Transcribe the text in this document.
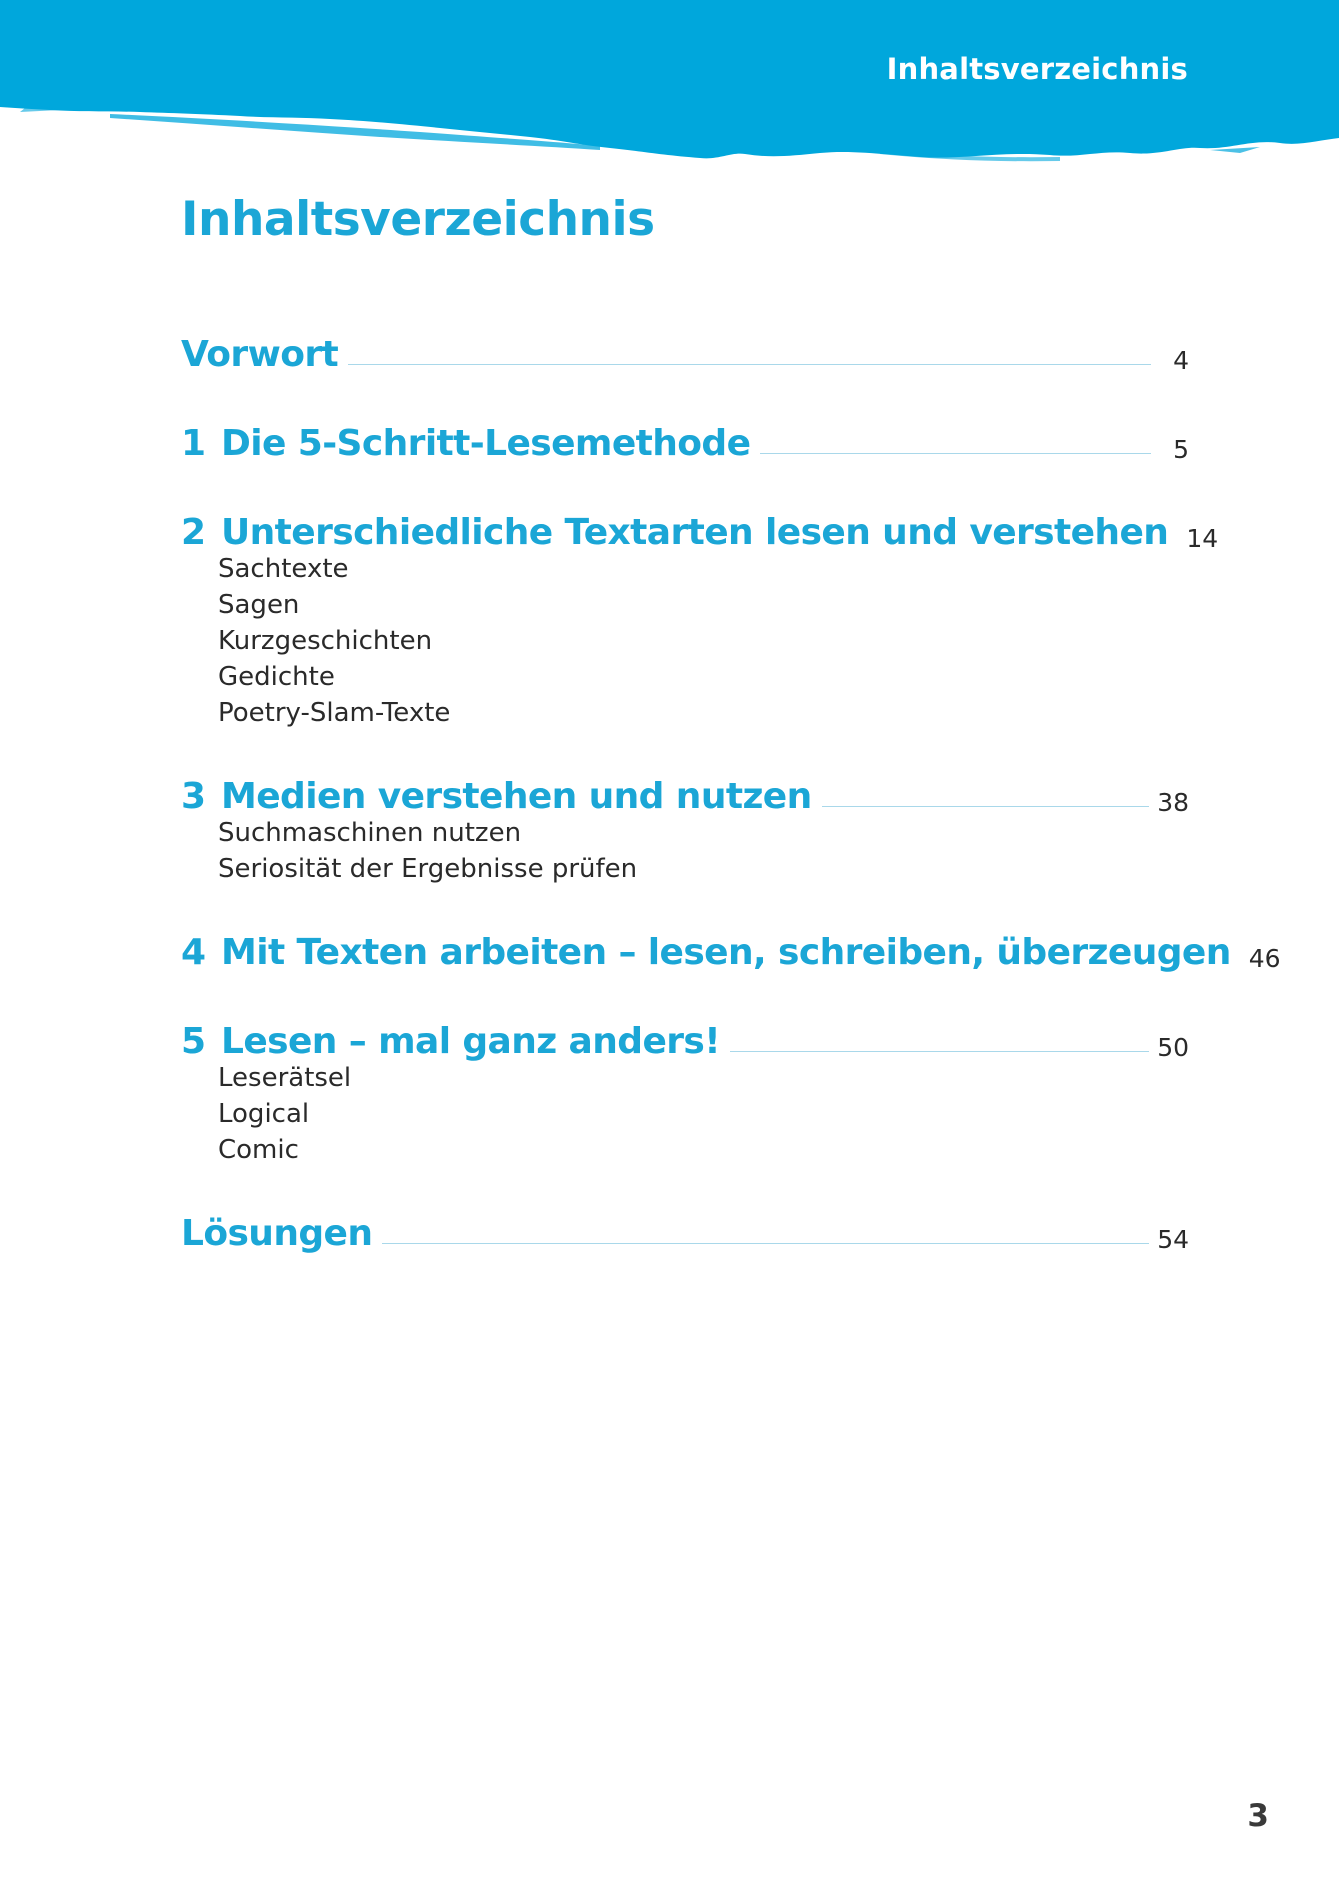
Inhaltsverzeichnis
Inhaltsverzeichnis
Vorwort	4
1 Die 5-Schritt-Lesemethode	5
2 Unterschiedliche Textarten lesen und verstehen 14
Sachtexte
Sagen
Kurzgeschichten
Gedichte
Poetry-Slam-Texte
3 Medien verstehen und nutzen	38
Suchmaschinen nutzen
Seriosität der Ergebnisse prüfen
4 Mit Texten arbeiten – lesen, schreiben, überzeugen 46
5 Lesen – mal ganz anders!	50
Leserätsel
Logical
Comic
Lösungen	54
3
